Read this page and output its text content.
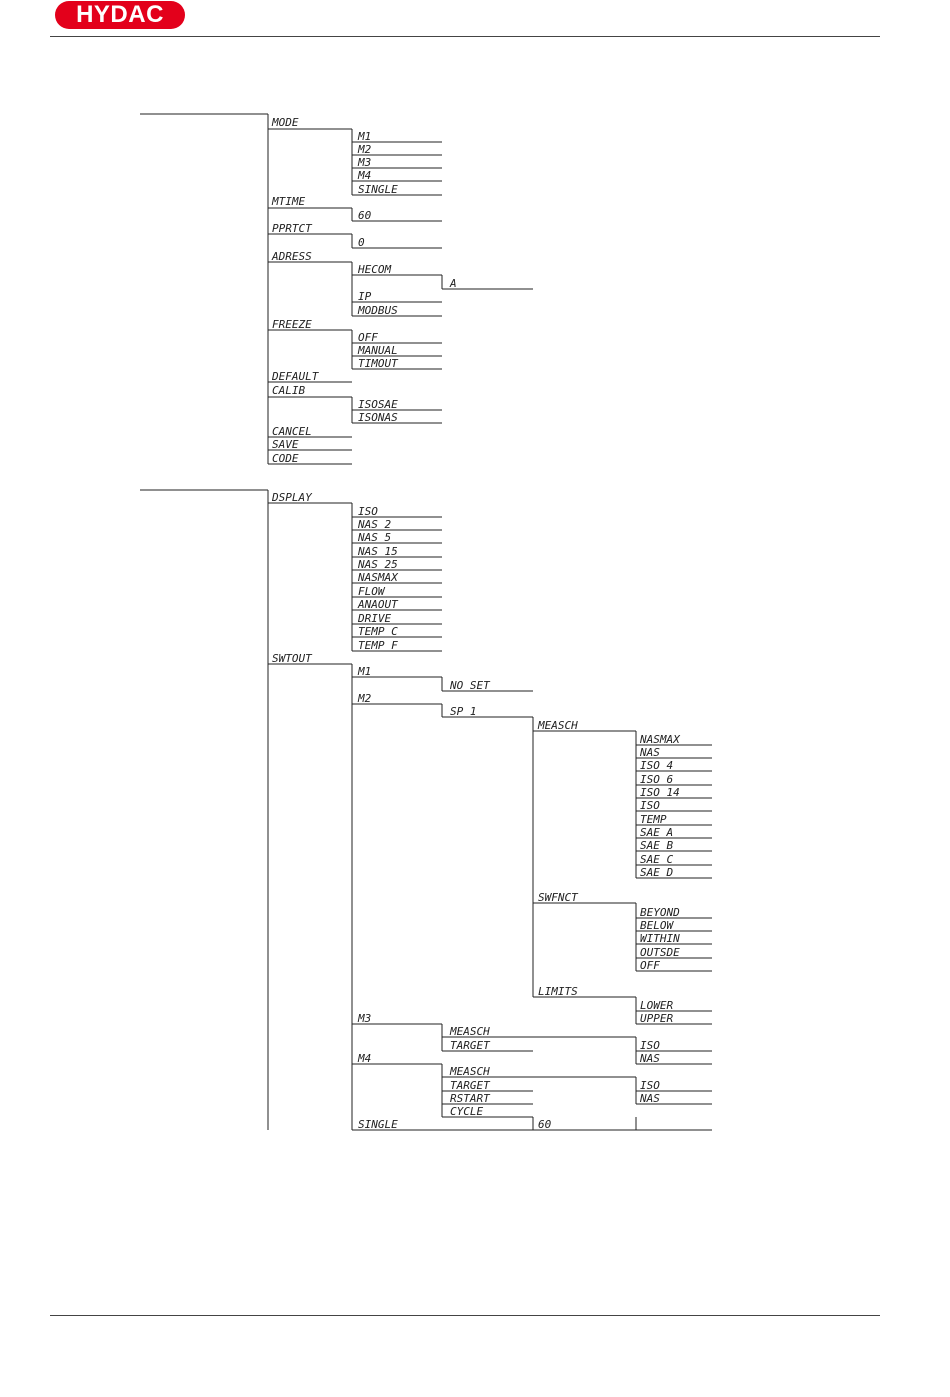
HYDAC
MODE
M1
M2
M3
M4
SINGLE
MTIME
60
PPRTCT
0
ADRESS
HECOM
A
IP
MODBUS
FREEZE
OFF
MANUAL
TIMOUT
DEFAULT
CALIB
ISOSAE
ISONAS
CANCEL
SAVE
CODE
DSPLAY
ISO
NAS 2
NAS 5
NAS 15
NAS 25
NASMAX
FLOW
ANAOUT
DRIVE
TEMP C
TEMP F
SWTOUT
M1
NO SET
M2
SP 1
MEASCH
NASMAX
NAS
ISO 4
ISO 6
ISO 14
ISO
TEMP
SAE A
SAE B
SAE C
SAE D
SWFNCT
BEYOND
BELOW
WITHIN
OUTSDE
OFF
LIMITS
LOWER
UPPER
M3
MEASCH
TARGET	ISO
NAS
M4
MEASCH
TARGET	ISO
NAS
RSTART
CYCLE
SINGLE	60
